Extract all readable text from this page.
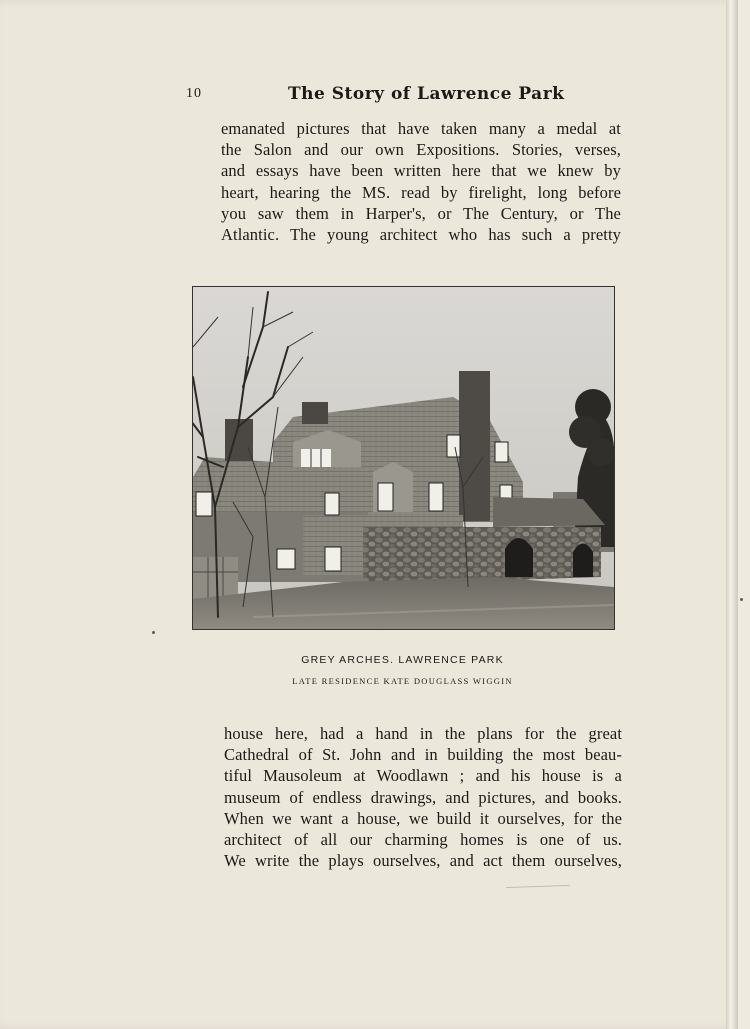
10	The Story of Lawrence Park
emanated pictures that have taken many a medal at
the Salon and our own Expositions. Stories, verses,
and essays have been written here that we knew by
heart, hearing the MS. read by firelight, long before
you saw them in Harper's, or The Century, or The
Atlantic. The young architect who has such a pretty
GREY ARCHES. LAWRENCE PARK
LATE RESIDENCE KATE DOUGLASS WIGGIN
house here, had a hand in the plans for the great
Cathedral of St. John and in building the most beau-
tiful Mausoleum at Woodlawn ; and his house is a
museum of endless drawings, and pictures, and books.
When we want a house, we build it ourselves, for the
architect of all our charming homes is one of us.
We write the plays ourselves, and act them ourselves,
